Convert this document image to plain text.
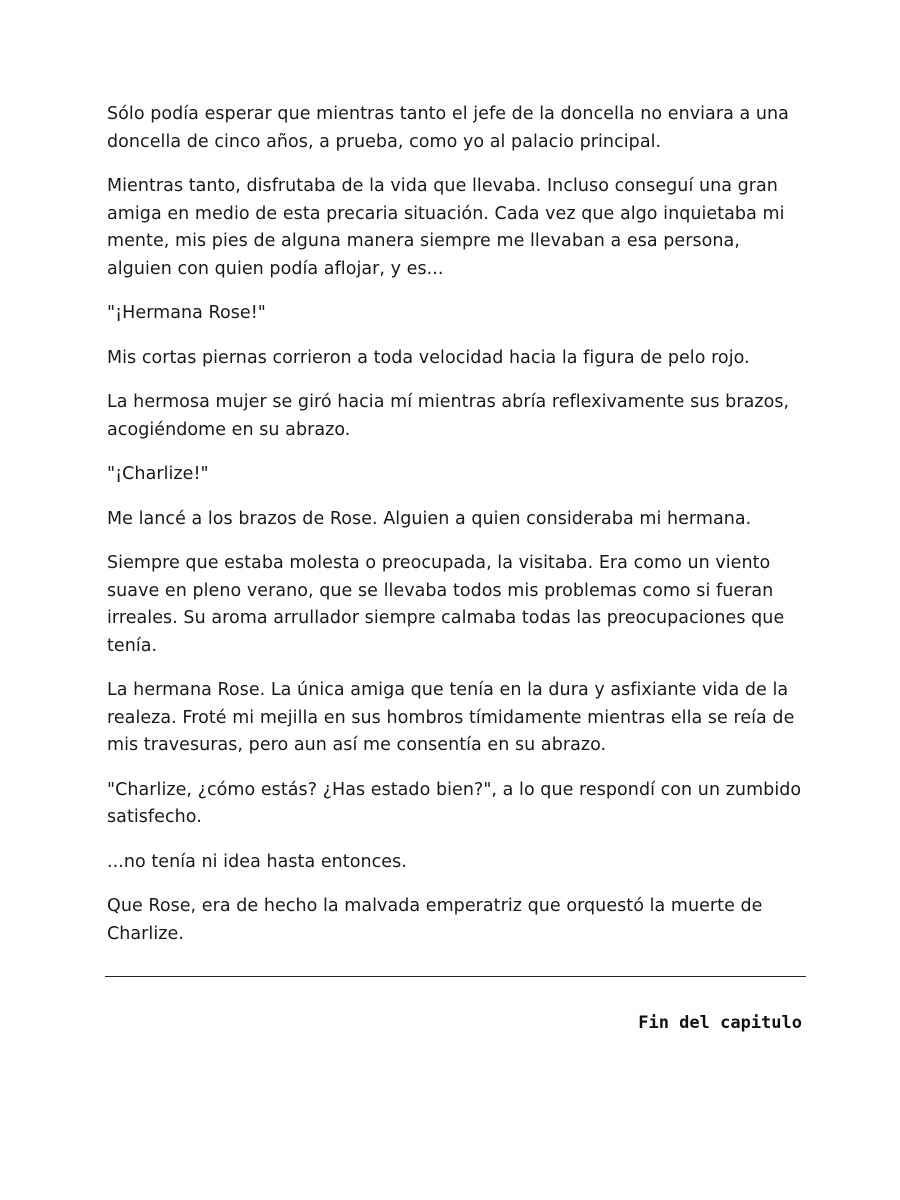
Sólo podía esperar que mientras tanto el jefe de la doncella no enviara a una doncella de cinco años, a prueba, como yo al palacio principal.

Mientras tanto, disfrutaba de la vida que llevaba. Incluso conseguí una gran amiga en medio de esta precaria situación. Cada vez que algo inquietaba mi mente, mis pies de alguna manera siempre me llevaban a esa persona, alguien con quien podía aflojar, y es...

"¡Hermana Rose!"

Mis cortas piernas corrieron a toda velocidad hacia la figura de pelo rojo.

La hermosa mujer se giró hacia mí mientras abría reflexivamente sus brazos, acogiéndome en su abrazo.

"¡Charlize!"

Me lancé a los brazos de Rose. Alguien a quien consideraba mi hermana.

Siempre que estaba molesta o preocupada, la visitaba. Era como un viento suave en pleno verano, que se llevaba todos mis problemas como si fueran irreales. Su aroma arrullador siempre calmaba todas las preocupaciones que tenía.

La hermana Rose. La única amiga que tenía en la dura y asfixiante vida de la realeza. Froté mi mejilla en sus hombros tímidamente mientras ella se reía de mis travesuras, pero aun así me consentía en su abrazo.

"Charlize, ¿cómo estás? ¿Has estado bien?", a lo que respondí con un zumbido satisfecho.

...no tenía ni idea hasta entonces.

Que Rose, era de hecho la malvada emperatriz que orquestó la muerte de Charlize.

Fin del capitulo
